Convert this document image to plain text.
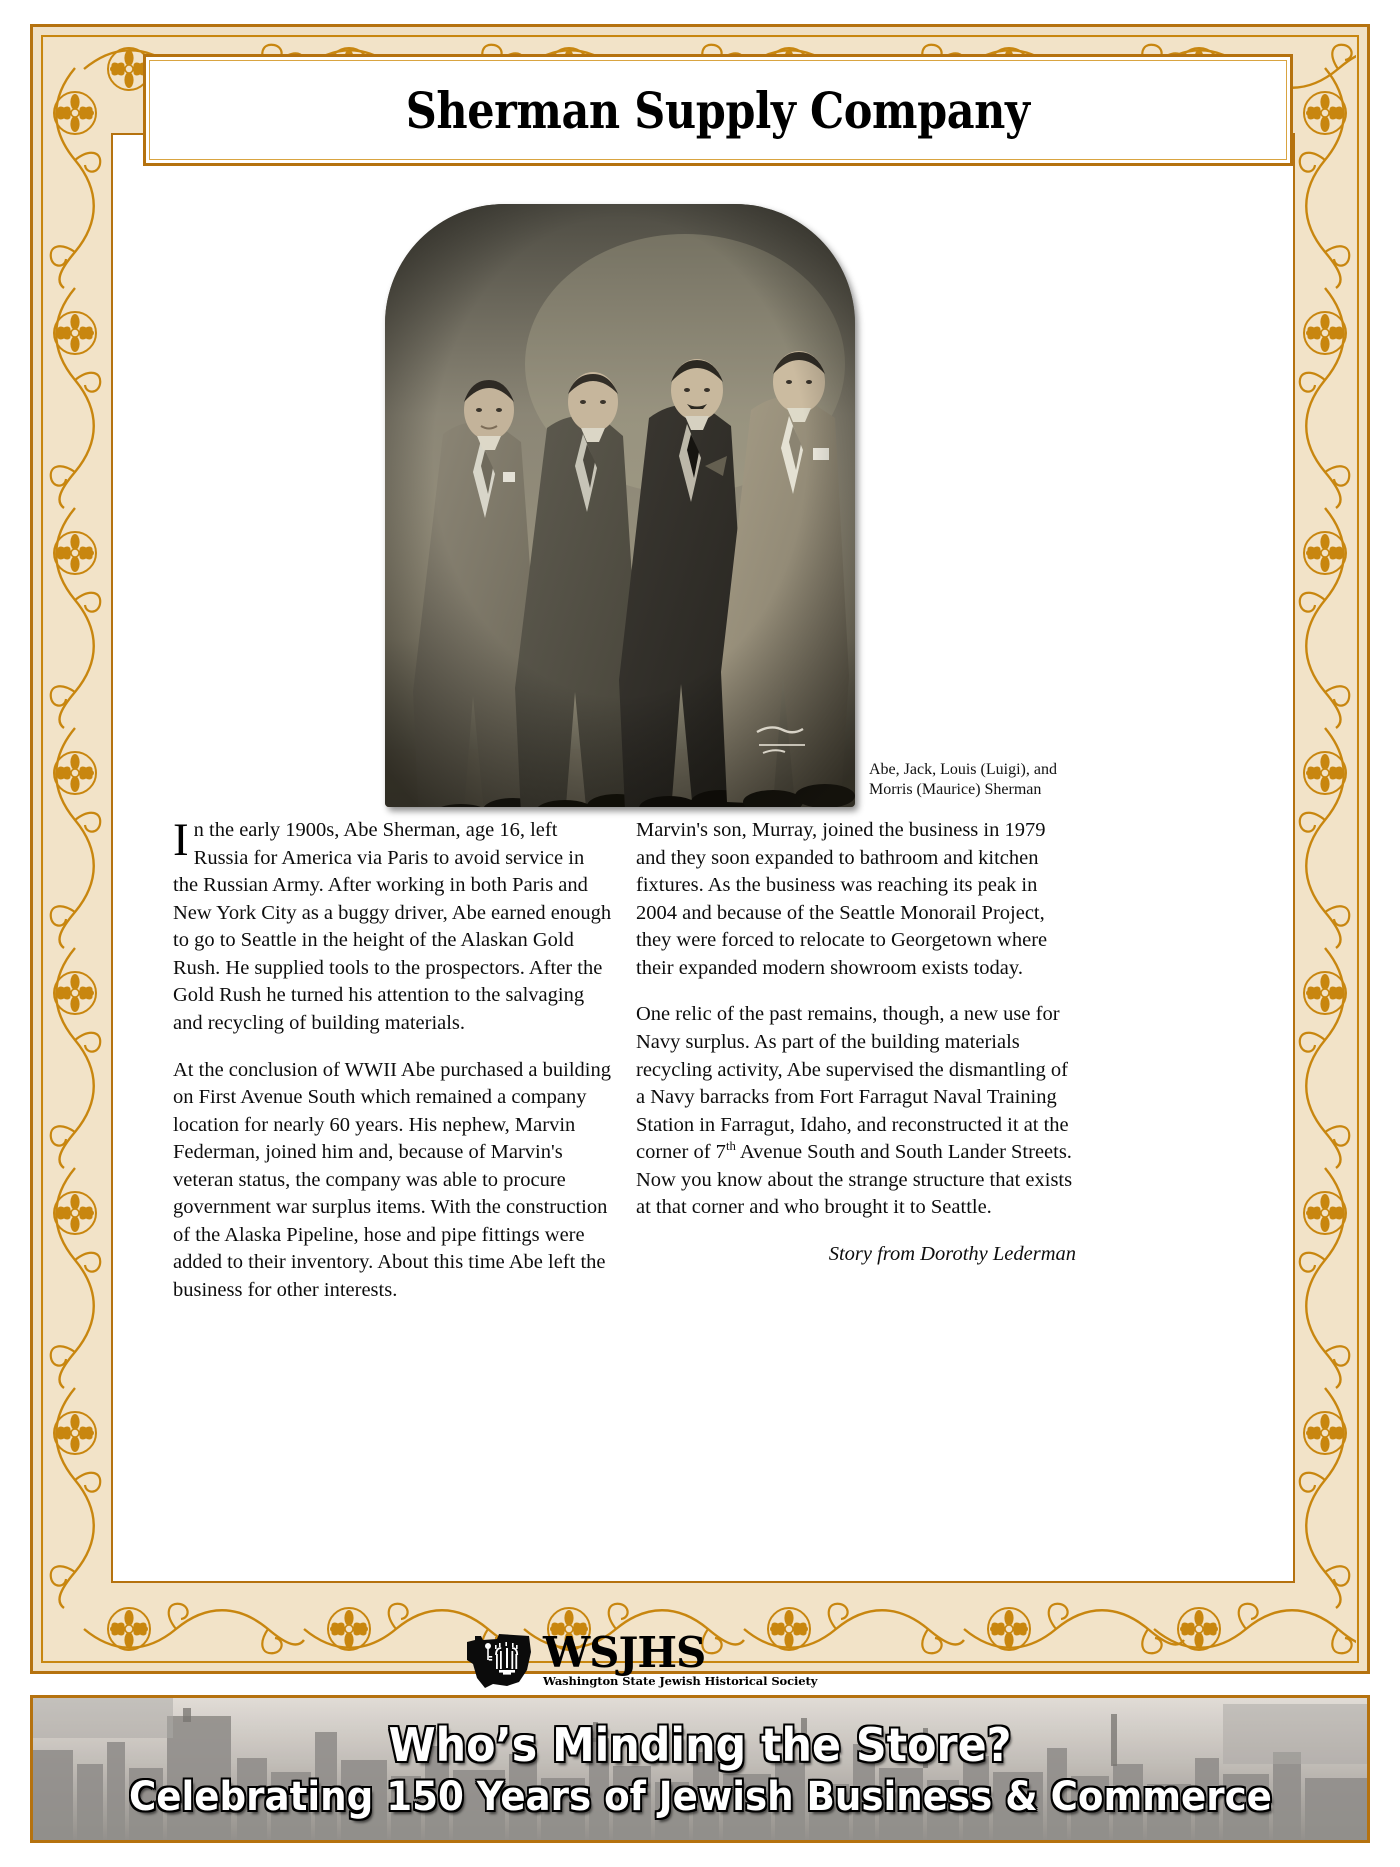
Sherman Supply Company
Abe, Jack, Louis (Luigi), and Morris (Maurice) Sherman

In the early 1900s, Abe Sherman, age 16, left Russia for America via Paris to avoid service in the Russian Army. After working in both Paris and New York City as a buggy driver, Abe earned enough to go to Seattle in the height of the Alaskan Gold Rush. He supplied tools to the prospectors. After the Gold Rush he turned his attention to the salvaging and recycling of building materials.

At the conclusion of WWII Abe purchased a building on First Avenue South which remained a company location for nearly 60 years. His nephew, Marvin Federman, joined him and, because of Marvin's veteran status, the company was able to procure government war surplus items. With the construction of the Alaska Pipeline, hose and pipe fittings were added to their inventory. About this time Abe left the business for other interests.

Marvin's son, Murray, joined the business in 1979 and they soon expanded to bathroom and kitchen fixtures. As the business was reaching its peak in 2004 and because of the Seattle Monorail Project, they were forced to relocate to Georgetown where their expanded modern showroom exists today.

One relic of the past remains, though, a new use for Navy surplus. As part of the building materials recycling activity, Abe supervised the dismantling of a Navy barracks from Fort Farragut Naval Training Station in Farragut, Idaho, and reconstructed it at the corner of 7th Avenue South and South Lander Streets. Now you know about the strange structure that exists at that corner and who brought it to Seattle.

Story from Dorothy Lederman

WSJHS
Washington State Jewish Historical Society
Who’s Minding the Store?
Celebrating 150 Years of Jewish Business & Commerce
